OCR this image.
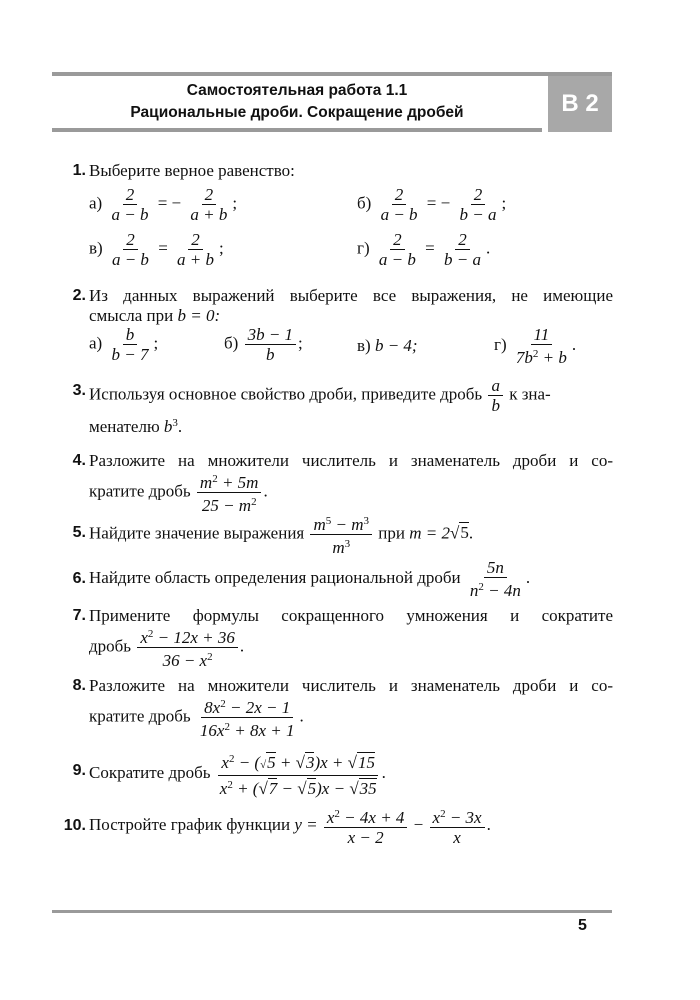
Самостоятельная работа 1.1
Рациональные дроби. Сокращение дробей	В 2
1. Выберите верное равенство:
$а) \frac{2}{a - b}$ = − $\frac{2}{a + b}$ ;	$б) \frac{2}{a - b}$ = − $\frac{2}{b - a}$ ;
$в) \frac{2}{a - b} = \frac{2}{a + b}$ ;	$г) \frac{2}{a - b} = \frac{2}{b - a}$ .
2. Из данных выражений выберите все выражения, не имеющие
смысла при b = 0:
$а) \frac{b}{b - 7}$ ;	$б) \frac{3b - 1}{b}$ ;	в) b − 4;	$г) \frac{11}{7b^2 + b}$ .
3. Используя основное свойство дроби, приведите дробь $\frac{a}{b}$ к зна-
менателю $b^3$.
4. Разложите на множители числитель и знаменатель дроби и со-
кратите дробь $\frac{m^2 + 5m}{25 - m^2}$ .
5. Найдите значение выражения $\frac{m^5 - m^3}{m^3}$ при m = 2√5.
6. Найдите область определения рациональной дроби $\frac{5n}{n^2 - 4n}$ .
7. Примените формулы сокращенного умножения и сократите
дробь $\frac{x^2 - 12x + 36}{36 - x^2}$ .
8. Разложите на множители числитель и знаменатель дроби и со-
кратите дробь $\frac{8x^2 - 2x - 1}{16x^2 + 8x + 1}$ .
9. Сократите дробь $\frac{x^2 - (√5 + √3)x + √15}{x^2 + (√7 - √5)x - √35}$ .
10. Постройте график функции $y = \frac{x^2 - 4x + 4}{x - 2} - \frac{x^2 - 3x}{x}$ .
5
